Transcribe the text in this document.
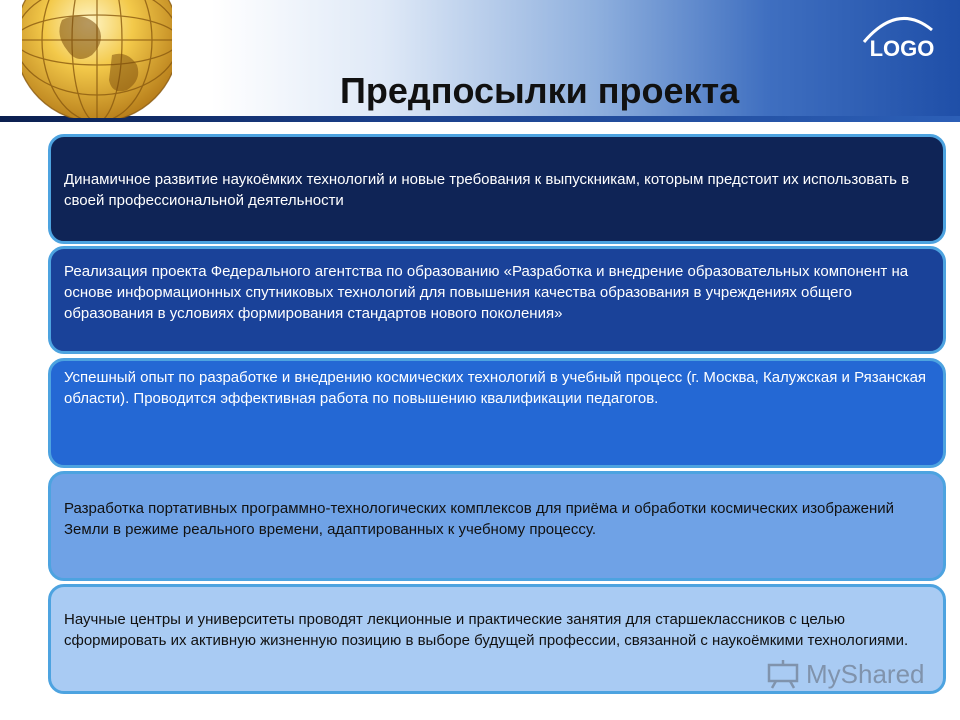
LOGO
Предпосылки проекта
Динамичное развитие наукоёмких технологий и новые требования к выпускникам, которым предстоит их использовать в своей профессиональной деятельности
Реализация проекта Федерального агентства по образованию «Разработка и внедрение образовательных компонент на основе информационных спутниковых технологий для повышения качества образования в учреждениях общего образования в условиях формирования стандартов нового поколения»
Успешный опыт по разработке и внедрению космических технологий в учебный процесс (г. Москва, Калужская и Рязанская области). Проводится эффективная работа по повышению квалификации педагогов.
Разработка портативных программно-технологических комплексов для приёма и обработки космических изображений Земли в режиме реального времени, адаптированных к учебному процессу.
Научные центры и университеты проводят лекционные и практические занятия для старшеклассников с целью сформировать их активную жизненную позицию в выборе будущей профессии, связанной с наукоёмкими технологиями.
MyShared
